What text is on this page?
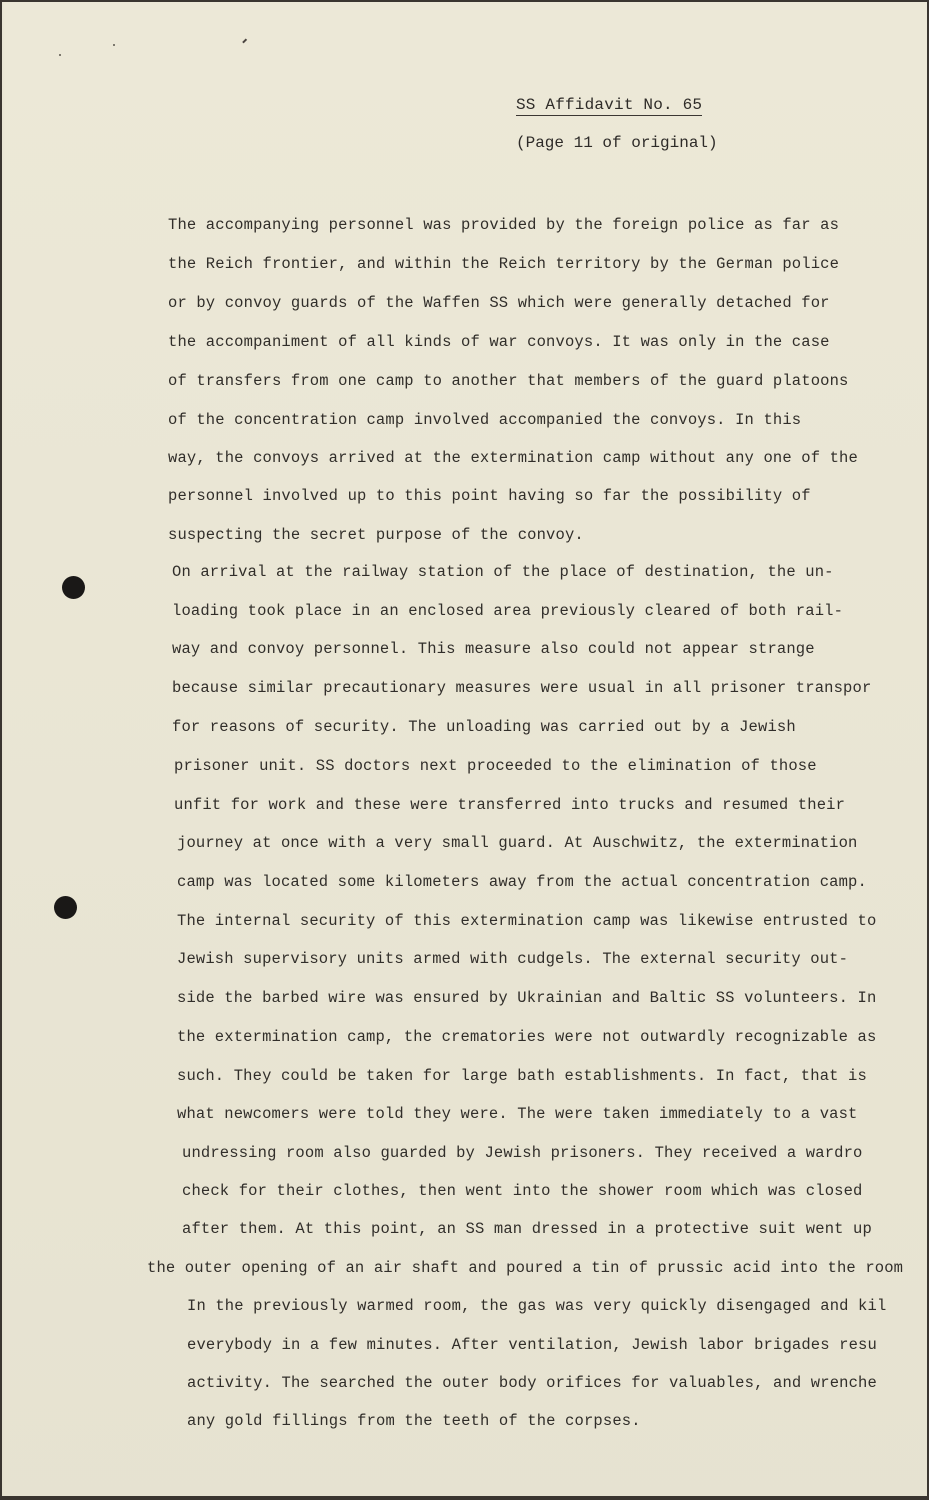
SS Affidavit No. 65
(Page 11 of original)
The accompanying personnel was provided by the foreign police as far as
the Reich frontier, and within the Reich territory by the German police
or by convoy guards of the Waffen SS which were generally detached for
the accompaniment of all kinds of war convoys. It was only in the case
of transfers from one camp to another that members of the guard platoons
of the concentration camp involved accompanied the convoys. In this
way, the convoys arrived at the extermination camp without any one of the
personnel involved up to this point having so far the possibility of
suspecting the secret purpose of the convoy.
On arrival at the railway station of the place of destination, the un-
loading took place in an enclosed area previously cleared of both rail-
way and convoy personnel. This measure also could not appear strange
because similar precautionary measures were usual in all prisoner transpor
for reasons of security. The unloading was carried out by a Jewish
prisoner unit. SS doctors next proceeded to the elimination of those
unfit for work and these were transferred into trucks and resumed their
journey at once with a very small guard. At Auschwitz, the extermination
camp was located some kilometers away from the actual concentration camp.
The internal security of this extermination camp was likewise entrusted to
Jewish supervisory units armed with cudgels. The external security out-
side the barbed wire was ensured by Ukrainian and Baltic SS volunteers. In
the extermination camp, the crematories were not outwardly recognizable as
such. They could be taken for large bath establishments. In fact, that is
what newcomers were told they were. The were taken immediately to a vast
undressing room also guarded by Jewish prisoners. They received a wardro
check for their clothes, then went into the shower room which was closed
after them. At this point, an SS man dressed in a protective suit went up
the outer opening of an air shaft and poured a tin of prussic acid into the room
In the previously warmed room, the gas was very quickly disengaged and kil
everybody in a few minutes. After ventilation, Jewish labor brigades resu
activity. The searched the outer body orifices for valuables, and wrenche
any gold fillings from the teeth of the corpses.
